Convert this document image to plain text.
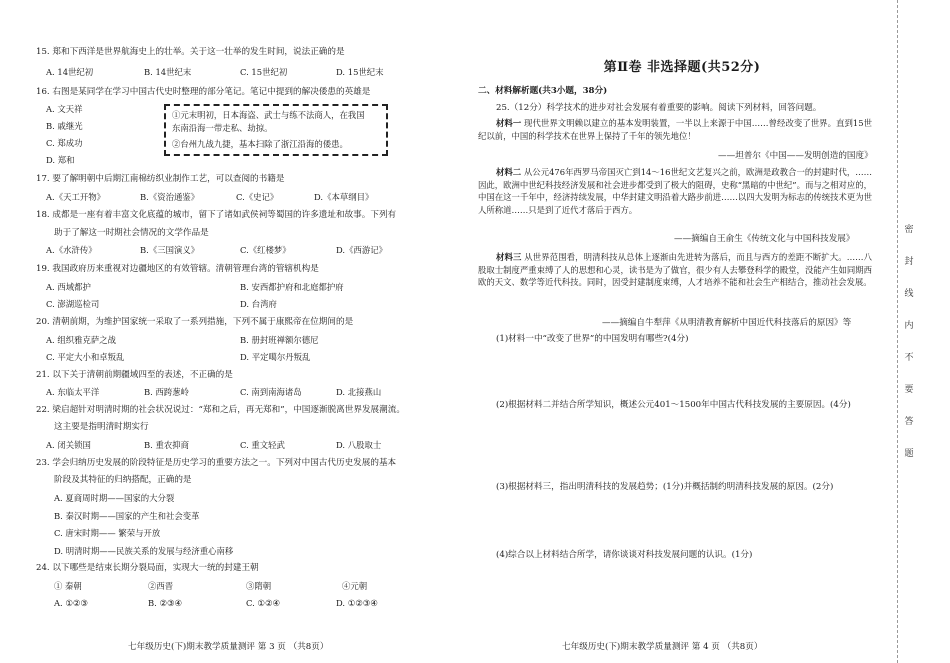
15. 郑和下西洋是世界航海史上的壮举。关于这一壮举的发生时间，说法正确的是
A. 14世纪初	B. 14世纪末	C. 15世纪初	D. 15世纪末
16. 右图是某同学在学习中国古代史时整理的部分笔记。笔记中提到的解决倭患的英雄是
A. 文天祥
B. 戚继光
C. 郑成功
D. 郑和
①元末明初，日本海盗、武士与练不法商人，在我国
东南沿海一带走私、劫掠。
②台州九战九捷，基本扫除了浙江沿海的倭患。
17. 要了解明朝中后期江南棉纺织业制作工艺，可以查阅的书籍是
A.《天工开物》	B.《资治通鉴》	C.《史记》	D.《本草纲目》
18. 成都是一座有着丰富文化底蕴的城市，留下了诸如武侯祠等蜀国的许多遗址和故事。下列有
助于了解这一时期社会情况的文学作品是
A.《水浒传》	B.《三国演义》	C.《红楼梦》	D.《西游记》
19. 我国政府历来重视对边疆地区的有效管辖。清朝管理台湾的管辖机构是
A. 西域都护	B. 安西都护府和北庭都护府
C. 澎湖巡检司	D. 台湾府
20. 清朝前期，为维护国家统一采取了一系列措施，下列不属于康熙帝在位期间的是
A. 组织雅克萨之战	B. 册封班禅额尔德尼
C. 平定大小和卓叛乱	D. 平定噶尔丹叛乱
21. 以下关于清朝前期疆域四至的表述，不正确的是
A. 东临太平洋	B. 西跨葱岭	C. 南到南海诸岛	D. 北接燕山
22. 梁启超针对明清时期的社会状况说过：“郑和之后，再无郑和”，中国逐渐脱离世界发展潮流。
这主要是指明清时期实行
A. 闭关锁国	B. 重农抑商	C. 重文轻武	D. 八股取士
23. 学会归纳历史发展的阶段特征是历史学习的重要方法之一。下列对中国古代历史发展的基本
阶段及其特征的归纳搭配，正确的是
A. 夏商周时期——国家的大分裂
B. 秦汉时期——国家的产生和社会变革
C. 唐宋时期—— 繁荣与开放
D. 明清时期——民族关系的发展与经济重心南移
24. 以下哪些是结束长期分裂局面，实现大一统的封建王朝
① 秦朝	②西晋	③隋朝	④元朝
A. ①②③	B. ②③④	C. ①②④	D. ①②③④
七年级历史(下)期末教学质量测评 第 3 页 （共8页）
第Ⅱ卷 非选择题(共52分)
二、材料解析题(共3小题，38分)
25.（12分）科学技术的进步对社会发展有着重要的影响。阅读下列材料，回答问题。
材料一 现代世界文明赖以建立的基本发明装置，一半以上来源于中国……曾经改变了世界。直到15世纪以前，中国的科学技术在世界上保持了千年的领先地位！
——坦普尔《中国——发明创造的国度》
材料二 从公元476年西罗马帝国灭亡到14～16世纪文艺复兴之前，欧洲是政教合一的封建时代，……因此，欧洲中世纪科技经济发展和社会进步都受到了极大的阻碍，史称“黑暗的中世纪”。而与之相对应的，中国在这一千年中，经济持续发展，中华封建文明沿着大路步前进……以四大发明为标志的传统技术更为世人所称道……只是到了近代才落后于西方。
——摘编自王俞生《传统文化与中国科技发展》
材料三 从世界范围看，明清科技从总体上逐渐由先进转为落后，而且与西方的差距不断扩大。……八股取士制度严重束缚了人的思想和心灵，读书是为了做官，很少有人去攀登科学的殿堂，没能产生如同期西欧的天文、数学等近代科技。同时，因受封建制度束缚，人才培养不能和社会生产相结合，推动社会发展。
——摘编自牛犁萍《从明清教育解析中国近代科技落后的原因》等
(1)材料一中“改变了世界”的中国发明有哪些?(4分)
(2)根据材料二并结合所学知识，概述公元401～1500年中国古代科技发展的主要原因。(4分)
(3)根据材料三，指出明清科技的发展趋势；(1分)并概括制约明清科技发展的原因。(2分)
(4)综合以上材料结合所学，请你谈谈对科技发展问题的认识。(1分)
七年级历史(下)期末教学质量测评 第 4 页 （共8页）
密
封
线
内
不
要
答
题
